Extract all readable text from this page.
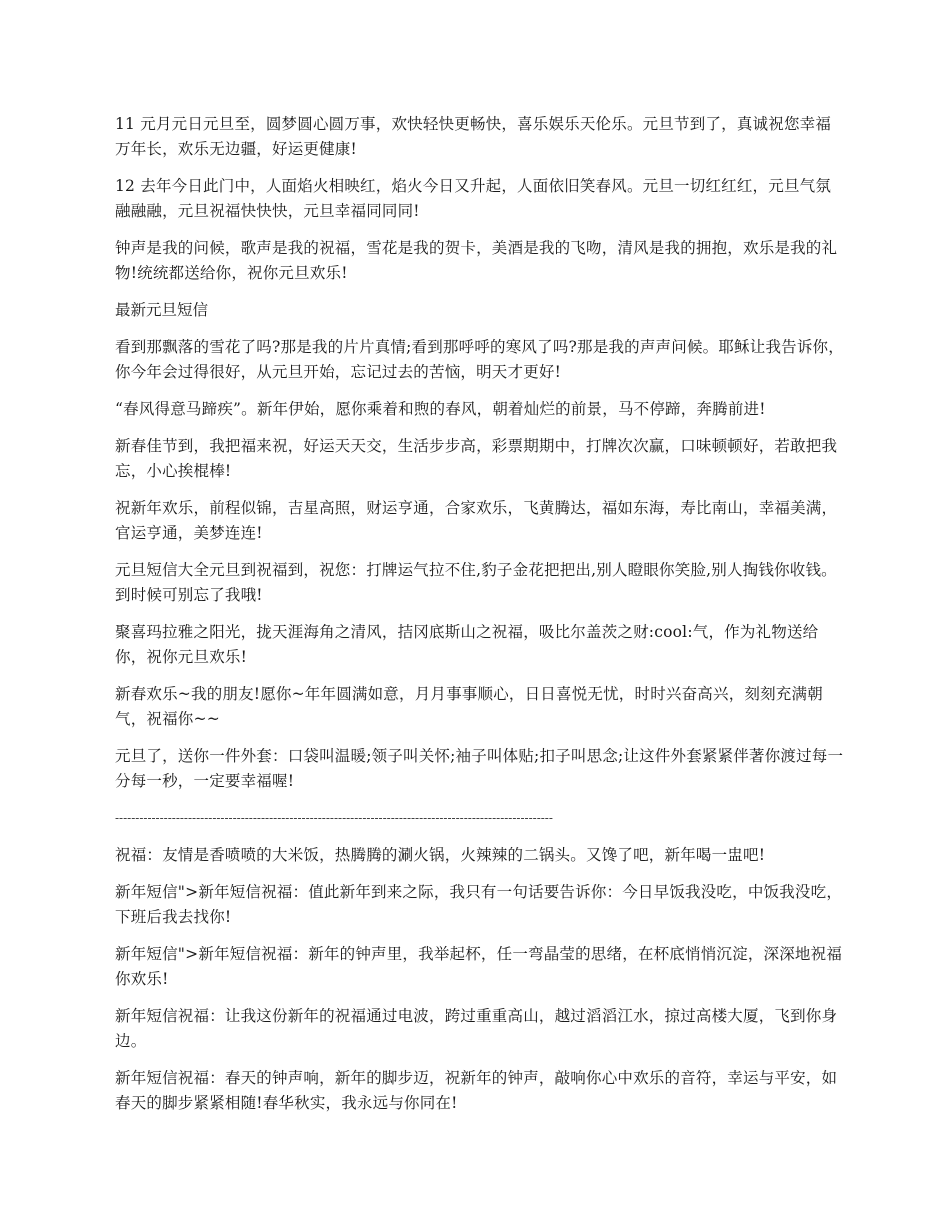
11 元月元日元旦至，圆梦圆心圆万事，欢快轻快更畅快，喜乐娱乐天伦乐。元旦节到了，真诚祝您幸福万年长，欢乐无边疆，好运更健康!

12 去年今日此门中，人面焰火相映红，焰火今日又升起，人面依旧笑春风。元旦一切红红红，元旦气氛融融融，元旦祝福快快快，元旦幸福同同同!

钟声是我的问候，歌声是我的祝福，雪花是我的贺卡，美酒是我的飞吻，清风是我的拥抱，欢乐是我的礼物!统统都送给你，祝你元旦欢乐!

最新元旦短信

看到那飘落的雪花了吗?那是我的片片真情;看到那呼呼的寒风了吗?那是我的声声问候。耶稣让我告诉你，你今年会过得很好，从元旦开始，忘记过去的苦恼，明天才更好!

“春风得意马蹄疾”。新年伊始，愿你乘着和煦的春风，朝着灿烂的前景，马不停蹄，奔腾前进!

新春佳节到，我把福来祝，好运天天交，生活步步高，彩票期期中，打牌次次赢，口味顿顿好，若敢把我忘，小心挨棍棒!

祝新年欢乐，前程似锦，吉星高照，财运亨通，合家欢乐，飞黄腾达，福如东海，寿比南山，幸福美满，官运亨通，美梦连连!

元旦短信大全元旦到祝福到，祝您：打牌运气拉不住,豹子金花把把出,别人瞪眼你笑脸,别人掏钱你收钱。到时候可别忘了我哦!

聚喜玛拉雅之阳光，拢天涯海角之清风，拮冈底斯山之祝福，吸比尔盖茨之财:cool:气，作为礼物送给你，祝你元旦欢乐!

新春欢乐~我的朋友!愿你~年年圆满如意，月月事事顺心，日日喜悦无忧，时时兴奋高兴，刻刻充满朝气，祝福你~~

元旦了，送你一件外套：口袋叫温暖;领子叫关怀;袖子叫体贴;扣子叫思念;让这件外套紧紧伴著你渡过每一分每一秒，一定要幸福喔!

------------------------------------------------------------------------------------------------------------

祝福：友情是香喷喷的大米饭，热腾腾的涮火锅，火辣辣的二锅头。又馋了吧，新年喝一盅吧!

新年短信">新年短信祝福：值此新年到来之际，我只有一句话要告诉你：今日早饭我没吃，中饭我没吃，下班后我去找你!

新年短信">新年短信祝福：新年的钟声里，我举起杯，任一弯晶莹的思绪，在杯底悄悄沉淀，深深地祝福你欢乐!

新年短信祝福：让我这份新年的祝福通过电波，跨过重重高山，越过滔滔江水，掠过高楼大厦，飞到你身边。

新年短信祝福：春天的钟声响，新年的脚步迈，祝新年的钟声，敲响你心中欢乐的音符，幸运与平安，如春天的脚步紧紧相随!春华秋实，我永远与你同在!
